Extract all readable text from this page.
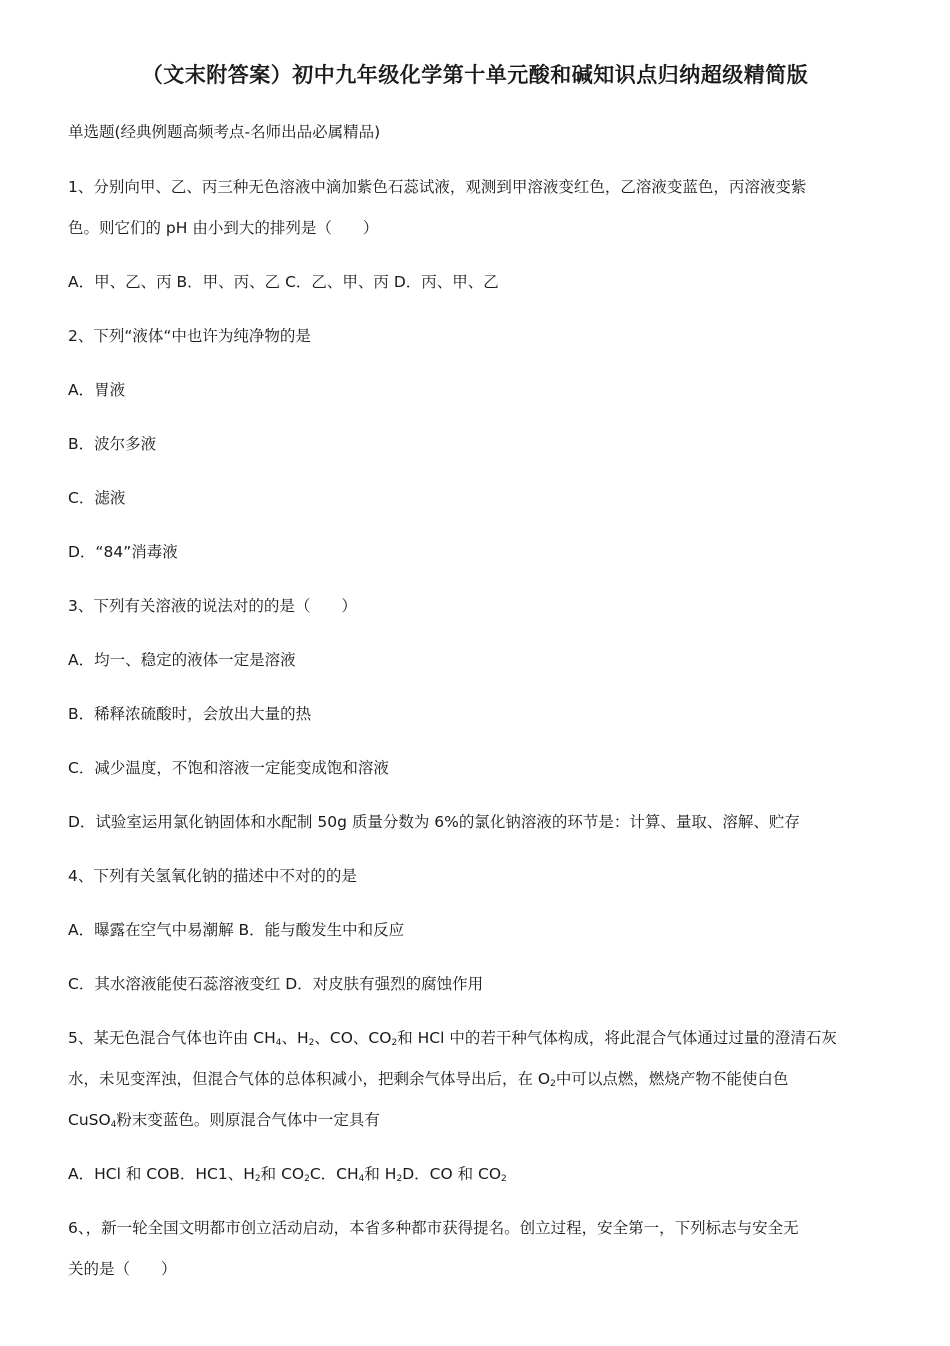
（文末附答案）初中九年级化学第十单元酸和碱知识点归纳超级精简版
单选题(经典例题高频考点-名师出品必属精品)
1、分别向甲、乙、丙三种无色溶液中滴加紫色石蕊试液，观测到甲溶液变红色，乙溶液变蓝色，丙溶液变紫
色。则它们的 pH 由小到大的排列是（　　）
A．甲、乙、丙 B．甲、丙、乙 C．乙、甲、丙 D．丙、甲、乙
2、下列“液体“中也许为纯净物的是
A．胃液
B．波尔多液
C．滤液
D．“84”消毒液
3、下列有关溶液的说法对的的是（　　）
A．均一、稳定的液体一定是溶液
B．稀释浓硫酸时，会放出大量的热
C．减少温度，不饱和溶液一定能变成饱和溶液
D．试验室运用氯化钠固体和水配制 50g 质量分数为 6%的氯化钠溶液的环节是：计算、量取、溶解、贮存
4、下列有关氢氧化钠的描述中不对的的是
A．曝露在空气中易潮解 B．能与酸发生中和反应
C．其水溶液能使石蕊溶液变红 D．对皮肤有强烈的腐蚀作用
5、某无色混合气体也许由 $CH_4$、$H_2$、CO、$CO_2$和 HCl 中的若干种气体构成，将此混合气体通过过量的澄清石灰
水，未见变浑浊，但混合气体的总体积减小，把剩余气体导出后，在 $O_2$中可以点燃，燃烧产物不能使白色
CuSO$_4$粉末变蓝色。则原混合气体中一定具有
A．HCl 和 COB．HC1、$H_2$和 $CO_2C$．$CH_4$和 $H_2D$．CO 和 $CO_2$
6、，新一轮全国文明都市创立活动启动，本省多种都市获得提名。创立过程，安全第一，下列标志与安全无
关的是（　　）
